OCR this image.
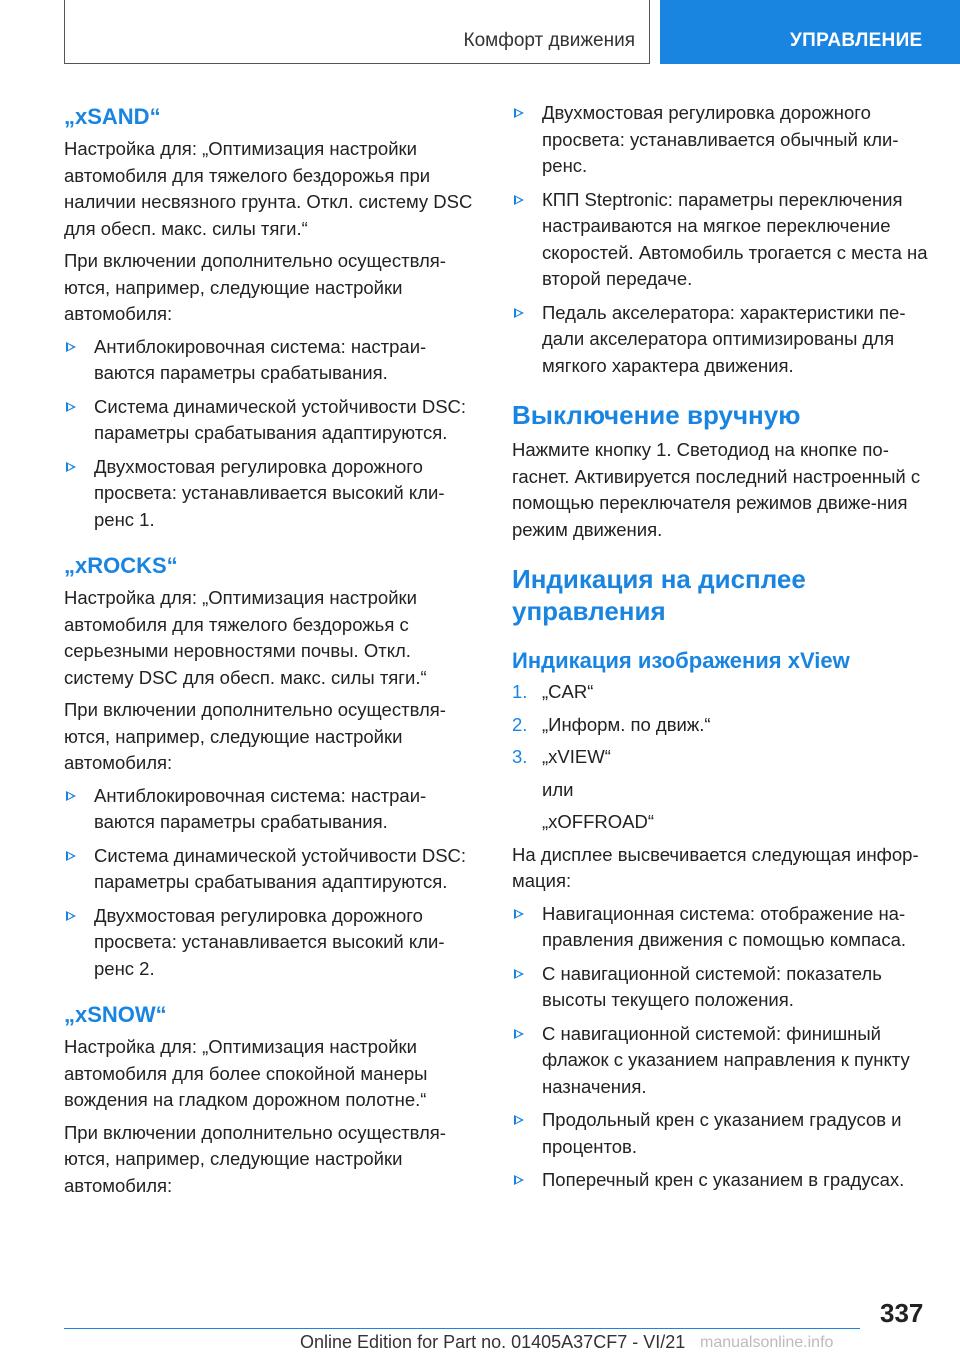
Комфорт движения	УПРАВЛЕНИЕ
„xSAND“

Настройка для: „Оптимизация настройки автомобиля для тяжелого бездорожья при наличии несвязного грунта. Откл. систему DSC для обесп. макс. силы тяги.“

При включении дополнительно осуществля-ются, например, следующие настройки автомобиля:

Антиблокировочная система: настраи-ваются параметры срабатывания.
Система динамической устойчивости DSC: параметры срабатывания адаптируются.
Двухмостовая регулировка дорожного просвета: устанавливается высокий кли-ренс 1.
„xROCKS“

Настройка для: „Оптимизация настройки автомобиля для тяжелого бездорожья с серьезными неровностями почвы. Откл. систему DSC для обесп. макс. силы тяги.“

При включении дополнительно осуществля-ются, например, следующие настройки автомобиля:

Антиблокировочная система: настраи-ваются параметры срабатывания.
Система динамической устойчивости DSC: параметры срабатывания адаптируются.
Двухмостовая регулировка дорожного просвета: устанавливается высокий кли-ренс 2.
„xSNOW“

Настройка для: „Оптимизация настройки автомобиля для более спокойной манеры вождения на гладком дорожном полотне.“

При включении дополнительно осуществля-ются, например, следующие настройки автомобиля:

Двухмостовая регулировка дорожного просвета: устанавливается обычный кли-ренс.
КПП Steptronic: параметры переключения настраиваются на мягкое переключение скоростей. Автомобиль трогается с места на второй передаче.
Педаль акселератора: характеристики пе-дали акселератора оптимизированы для мягкого характера движения.
Выключение вручную

Нажмите кнопку 1. Светодиод на кнопке по-гаснет. Активируется последний настроенный с помощью переключателя режимов движе-ния режим движения.

Индикация на дисплее управления
Индикация изображения xView
1. „CAR“
2. „Информ. по движ.“
3. „xVIEW“
или
„xOFFROAD“

На дисплее высвечивается следующая инфор-мация:

Навигационная система: отображение на-правления движения с помощью компаса.
С навигационной системой: показатель высоты текущего положения.
С навигационной системой: финишный флажок с указанием направления к пункту назначения.
Продольный крен с указанием градусов и процентов.
Поперечный крен с указанием в градусах.
337
Online Edition for Part no. 01405A37CF7 - VI/21 manualsonline.info
